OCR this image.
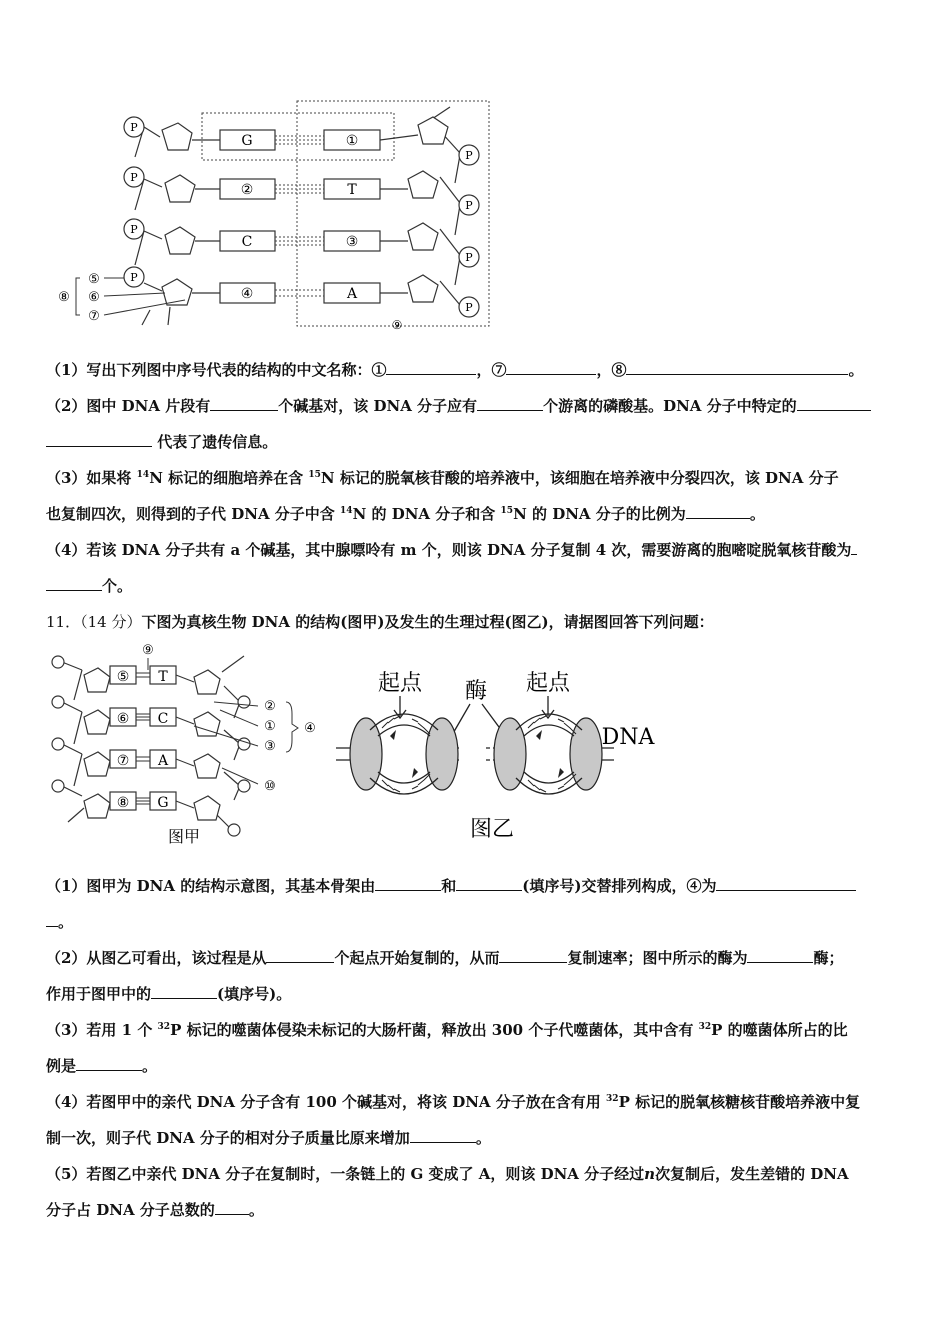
⑨
G
②
C
④
①
T
③
A
P
P
P
P
P
P
P
P
⑤
⑥
⑦
⑧

（1）写出下列图中序号代表的结构的中文名称：①	，⑦	，⑧	。

（2）图中 DNA 片段有	个碱基对，该 DNA 分子应有	个游离的磷酸基。DNA 分子中特定的
代表了遗传信息。

（3）如果将 $^{14}$N 标记的细胞培养在含 $^{15}$N 标记的脱氧核苷酸的培养液中，该细胞在培养液中分裂四次，该 DNA 分子
也复制四次，则得到的子代 DNA 分子中含 $^{14}$N 的 DNA 分子和含 $^{15}$N 的 DNA 分子的比例为	。

（4）若该 DNA 分子共有 a 个碱基，其中腺嘌呤有 m 个，则该 DNA 分子复制 4 次，需要游离的胞嘧啶脱氧核苷酸为
个。

11．（14 分）下图为真核生物 DNA 的结构(图甲)及发生的生理过程(图乙)，请据图回答下列问题：

⑤
⑥
⑦
⑧
T
C
A
G
⑨
②
①
③
④
⑩
图甲
起点 酶 起点
DNA
图乙

（1）图甲为 DNA 的结构示意图，其基本骨架由	和	(填序号)交替排列构成，④为
。

（2）从图乙可看出，该过程是从	个起点开始复制的，从而	复制速率；图中所示的酶为	酶；
作用于图甲中的	(填序号)。

（3）若用 1 个 $^{32}$P 标记的噬菌体侵染未标记的大肠杆菌，释放出 300 个子代噬菌体，其中含有 $^{32}$P 的噬菌体所占的比
例是	。

（4）若图甲中的亲代 DNA 分子含有 100 个碱基对，将该 DNA 分子放在含有用 $^{32}$P 标记的脱氧核糖核苷酸培养液中复
制一次，则子代 DNA 分子的相对分子质量比原来增加	。

（5）若图乙中亲代 DNA 分子在复制时，一条链上的 G 变成了 A，则该 DNA 分子经过n次复制后，发生差错的 DNA
分子占 DNA 分子总数的 。
